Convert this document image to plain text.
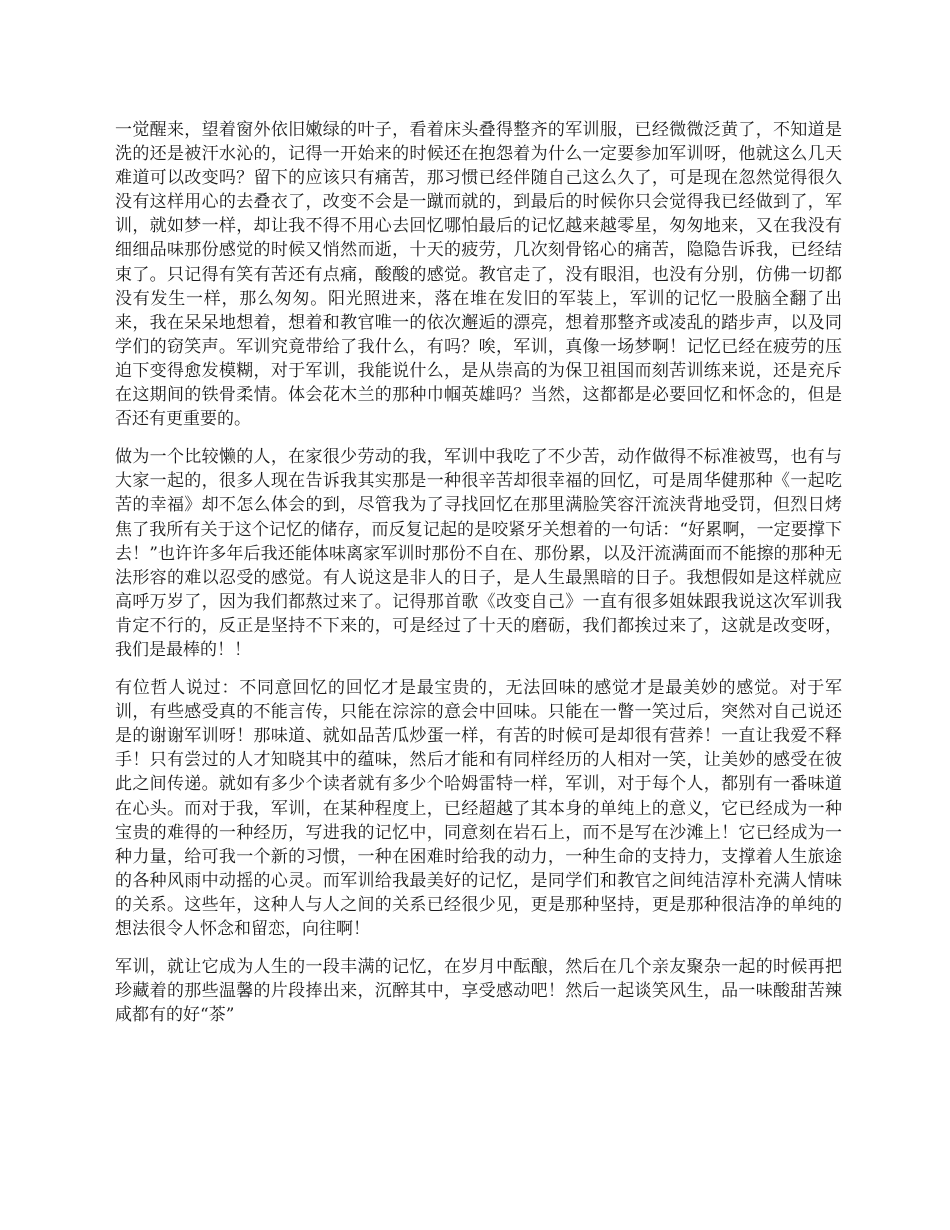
一觉醒来，望着窗外依旧嫩绿的叶子，看着床头叠得整齐的军训服，已经微微泛黄了，不知道是洗的还是被汗水沁的，记得一开始来的时候还在抱怨着为什么一定要参加军训呀，他就这么几天难道可以改变吗？留下的应该只有痛苦，那习惯已经伴随自己这么久了，可是现在忽然觉得很久没有这样用心的去叠衣了，改变不会是一蹴而就的，到最后的时候你只会觉得我已经做到了，军训，就如梦一样，却让我不得不用心去回忆哪怕最后的记忆越来越零星，匆匆地来，又在我没有细细品味那份感觉的时候又悄然而逝，十天的疲劳，几次刻骨铭心的痛苦，隐隐告诉我，已经结束了。只记得有笑有苦还有点痛，酸酸的感觉。教官走了，没有眼泪，也没有分别，仿佛一切都没有发生一样，那么匆匆。阳光照进来，落在堆在发旧的军装上，军训的记忆一股脑全翻了出来，我在呆呆地想着，想着和教官唯一的依次邂逅的漂亮，想着那整齐或凌乱的踏步声，以及同学们的窃笑声。军训究竟带给了我什么，有吗？唉，军训，真像一场梦啊！记忆已经在疲劳的压迫下变得愈发模糊，对于军训，我能说什么，是从崇高的为保卫祖国而刻苦训练来说，还是充斥在这期间的铁骨柔情。体会花木兰的那种巾帼英雄吗？当然，这都都是必要回忆和怀念的，但是否还有更重要的。

做为一个比较懒的人，在家很少劳动的我，军训中我吃了不少苦，动作做得不标准被骂，也有与大家一起的，很多人现在告诉我其实那是一种很辛苦却很幸福的回忆，可是周华健那种《一起吃苦的幸福》却不怎么体会的到，尽管我为了寻找回忆在那里满脸笑容汗流浃背地受罚，但烈日烤焦了我所有关于这个记忆的储存，而反复记起的是咬紧牙关想着的一句话：“好累啊，一定要撑下去！”也许许多年后我还能体味离家军训时那份不自在、那份累，以及汗流满面而不能擦的那种无法形容的难以忍受的感觉。有人说这是非人的日子，是人生最黑暗的日子。我想假如是这样就应高呼万岁了，因为我们都熬过来了。记得那首歌《改变自己》一直有很多姐妹跟我说这次军训我肯定不行的，反正是坚持不下来的，可是经过了十天的磨砺，我们都挨过来了，这就是改变呀，我们是最棒的！！

有位哲人说过：不同意回忆的回忆才是最宝贵的，无法回味的感觉才是最美妙的感觉。对于军训，有些感受真的不能言传，只能在淙淙的意会中回味。只能在一瞥一笑过后，突然对自己说还是的谢谢军训呀！那味道、就如品苦瓜炒蛋一样，有苦的时候可是却很有营养！一直让我爱不释手！只有尝过的人才知晓其中的蕴味，然后才能和有同样经历的人相对一笑，让美妙的感受在彼此之间传递。就如有多少个读者就有多少个哈姆雷特一样，军训，对于每个人，都别有一番味道在心头。而对于我，军训，在某种程度上，已经超越了其本身的单纯上的意义，它已经成为一种宝贵的难得的一种经历，写进我的记忆中，同意刻在岩石上，而不是写在沙滩上！它已经成为一种力量，给可我一个新的习惯，一种在困难时给我的动力，一种生命的支持力，支撑着人生旅途的各种风雨中动摇的心灵。而军训给我最美好的记忆，是同学们和教官之间纯洁淳朴充满人情味的关系。这些年，这种人与人之间的关系已经很少见，更是那种坚持，更是那种很洁净的单纯的想法很令人怀念和留恋，向往啊！

军训，就让它成为人生的一段丰满的记忆，在岁月中酝酿，然后在几个亲友聚杂一起的时候再把珍藏着的那些温馨的片段捧出来，沉醉其中，享受感动吧！然后一起谈笑风生，品一味酸甜苦辣咸都有的好“茶”
